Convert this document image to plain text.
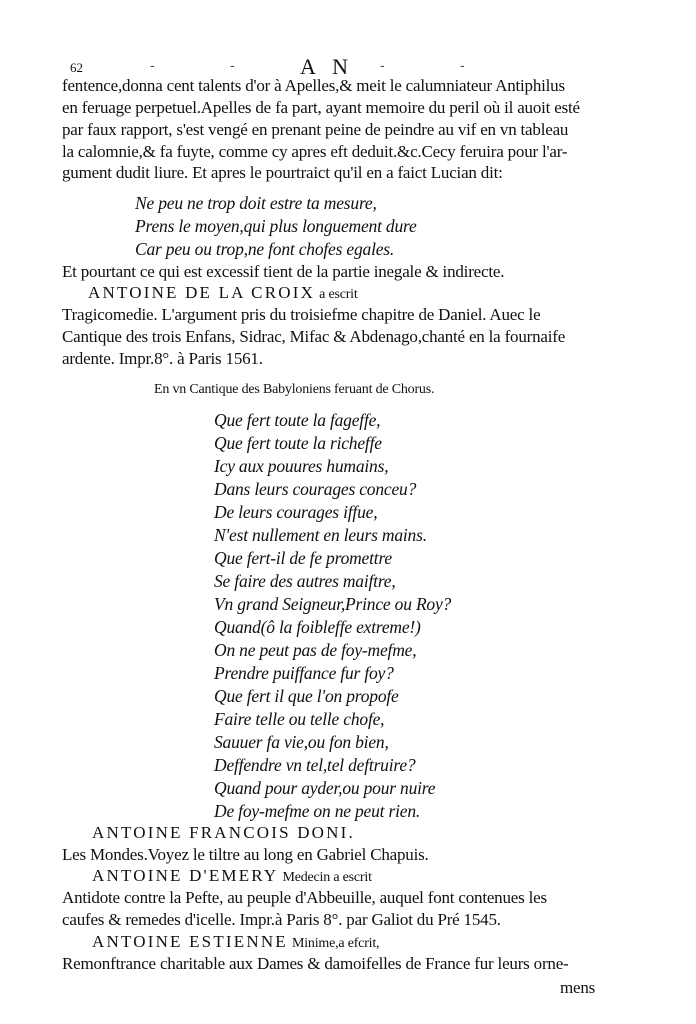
62	-	-	A N -	-
fentence,donna cent talents d'or à Apelles,& meit le calumniateur Antiphilus
en feruage perpetuel.Apelles de fa part, ayant memoire du peril où il auoit esté
par faux rapport, s'est vengé en prenant peine de peindre au vif en vn tableau
la calomnie,& fa fuyte, comme cy apres eft deduit.&c.Cecy feruira pour l'ar-
gument dudit liure. Et apres le pourtraict qu'il en a faict Lucian dit:
Ne peu ne trop doit estre ta mesure,
Prens le moyen,qui plus longuement dure
Car peu ou trop,ne font chofes egales.
Et pourtant ce qui est excessif tient de la partie inegale & indirecte.
ANTOINE DE LA CROIX a escrit
Tragicomedie. L'argument pris du troisiefme chapitre de Daniel. Auec le
Cantique des trois Enfans, Sidrac, Mifac & Abdenago,chanté en la fournaife
ardente. Impr.8°. à Paris 1561.
En vn Cantique des Babyloniens feruant de Chorus.
Que fert toute la fageffe,
Que fert toute la richeffe
Icy aux pouures humains,
Dans leurs courages conceu?
De leurs courages iffue,
N'est nullement en leurs mains.
Que fert-il de fe promettre
Se faire des autres maiftre,
Vn grand Seigneur,Prince ou Roy?
Quand(ô la foibleffe extreme!)
On ne peut pas de foy-mefme,
Prendre puiffance fur foy?
Que fert il que l'on propofe
Faire telle ou telle chofe,
Sauuer fa vie,ou fon bien,
Deffendre vn tel,tel deftruire?
Quand pour ayder,ou pour nuire
De foy-mefme on ne peut rien.
ANTOINE FRANCOIS DONI.
Les Mondes.Voyez le tiltre au long en Gabriel Chapuis.
ANTOINE D'EMERY Medecin a escrit
Antidote contre la Pefte, au peuple d'Abbeuille, auquel font contenues les
caufes & remedes d'icelle. Impr.à Paris 8°. par Galiot du Pré 1545.
ANTOINE ESTIENNE Minime,a efcrit,
Remonftrance charitable aux Dames & damoifelles de France fur leurs orne-
mens
